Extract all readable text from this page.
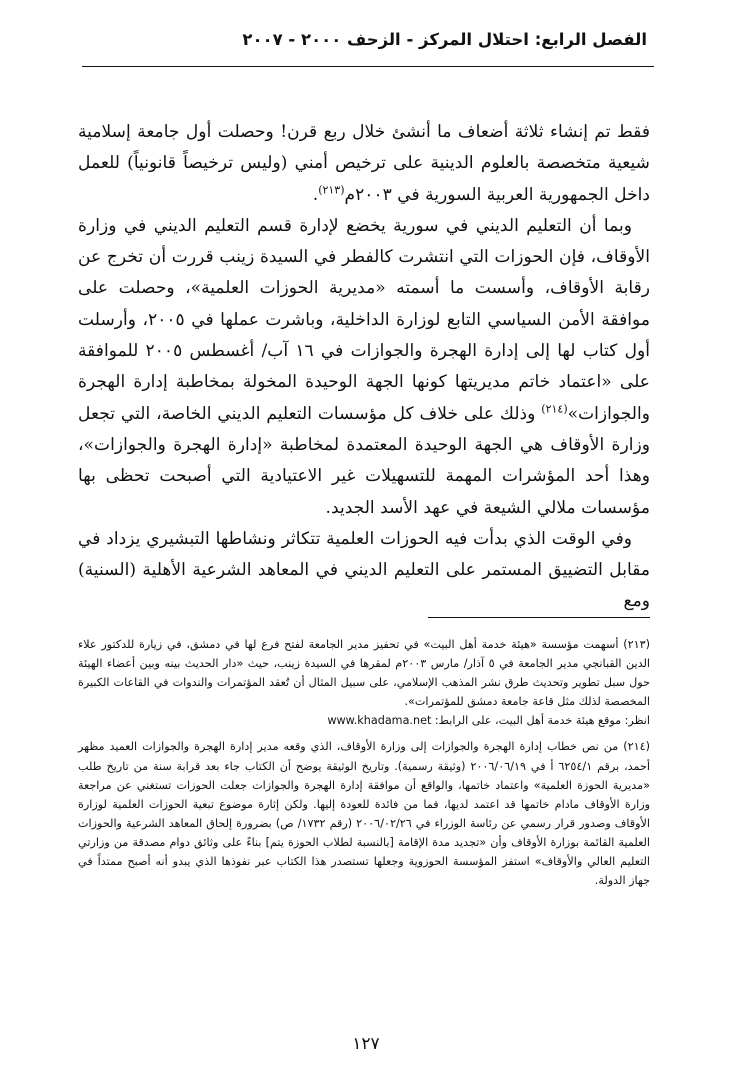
الفصل الرابع: احتلال المركز - الزحف ٢٠٠٠ - ٢٠٠٧

فقط تم إنشاء ثلاثة أضعاف ما أنشئ خلال ربع قرن! وحصلت أول جامعة إسلامية شيعية متخصصة بالعلوم الدينية على ترخيص أمني (وليس ترخيصاً قانونياً) للعمل داخل الجمهورية العربية السورية في ٢٠٠٣م$^{(٢١٣)}$.

وبما أن التعليم الديني في سورية يخضع لإدارة قسم التعليم الديني في وزارة الأوقاف، فإن الحوزات التي انتشرت كالفطر في السيدة زينب قررت أن تخرج عن رقابة الأوقاف، وأسست ما أسمته «مديرية الحوزات العلمية»، وحصلت على موافقة الأمن السياسي التابع لوزارة الداخلية، وباشرت عملها في ٢٠٠٥، وأرسلت أول كتاب لها إلى إدارة الهجرة والجوازات في ١٦ آب/ أغسطس ٢٠٠٥ للموافقة على «اعتماد خاتم مديريتها كونها الجهة الوحيدة المخولة بمخاطبة إدارة الهجرة والجوازات»$^{(٢١٤)}$ وذلك على خلاف كل مؤسسات التعليم الديني الخاصة، التي تجعل وزارة الأوقاف هي الجهة الوحيدة المعتمدة لمخاطبة «إدارة الهجرة والجوازات»، وهذا أحد المؤشرات المهمة للتسهيلات غير الاعتيادية التي أصبحت تحظى بها مؤسسات ملالي الشيعة في عهد الأسد الجديد.

وفي الوقت الذي بدأت فيه الحوزات العلمية تتكاثر ونشاطها التبشيري يزداد في مقابل التضييق المستمر على التعليم الديني في المعاهد الشرعية الأهلية (السنية) ومع

(٢١٣) أسهمت مؤسسة «هيئة خدمة أهل البيت» في تحفيز مدير الجامعة لفتح فرع لها في دمشق، في زيارة للدكتور علاء الدين القبانجي مدير الجامعة في ٥ آذار/ مارس ٢٠٠٣م لمقرها في السيدة زينب، حيث «دار الحديث بينه وبين أعضاء الهيئة حول سبل تطوير وتحديث طرق نشر المذهب الإسلامي، على سبيل المثال أن تُعقد المؤتمرات والندوات في القاعات الكبيرة المخصصة لذلك مثل قاعة جامعة دمشق للمؤتمرات».
انظر: موقع هيئة خدمة أهل البيت، على الرابط: www.khadama.net
(٢١٤) من نص خطاب إدارة الهجرة والجوازات إلى وزارة الأوقاف، الذي وقعه مدير إدارة الهجرة والجوازات العميد مظهر أحمد، برقم ٦٢٥٤/١ أ في ٢٠٠٦/٠٦/١٩ (وثيقة رسمية). وتاريخ الوثيقة يوضح أن الكتاب جاء بعد قرابة سنة من تاريخ طلب «مديرية الحوزة العلمية» واعتماد خاتمها، والواقع أن موافقة إدارة الهجرة والجوازات جعلت الحوزات تستغني عن مراجعة وزارة الأوقاف مادام خاتمها قد اعتمد لديها، فما من فائدة للعودة إليها. ولكن إثارة موضوع تبعية الحوزات العلمية لوزارة الأوقاف وصدور قرار رسمي عن رئاسة الوزراء في ٢٠٠٦/٠٢/٢٦ (رقم ١٧٣٢/ ص) بضرورة إلحاق المعاهد الشرعية والحوزات العلمية القائمة بوزارة الأوقاف وأن «تجديد مدة الإقامة [بالنسبة لطلاب الحوزة يتم] بناءً على وثائق دوام مصدقة من وزارتي التعليم العالي والأوقاف» استفز المؤسسة الحوزوية وجعلها تستصدر هذا الكتاب عبر نفوذها الذي يبدو أنه أصبح ممتداً في جهاز الدولة.
١٢٧
